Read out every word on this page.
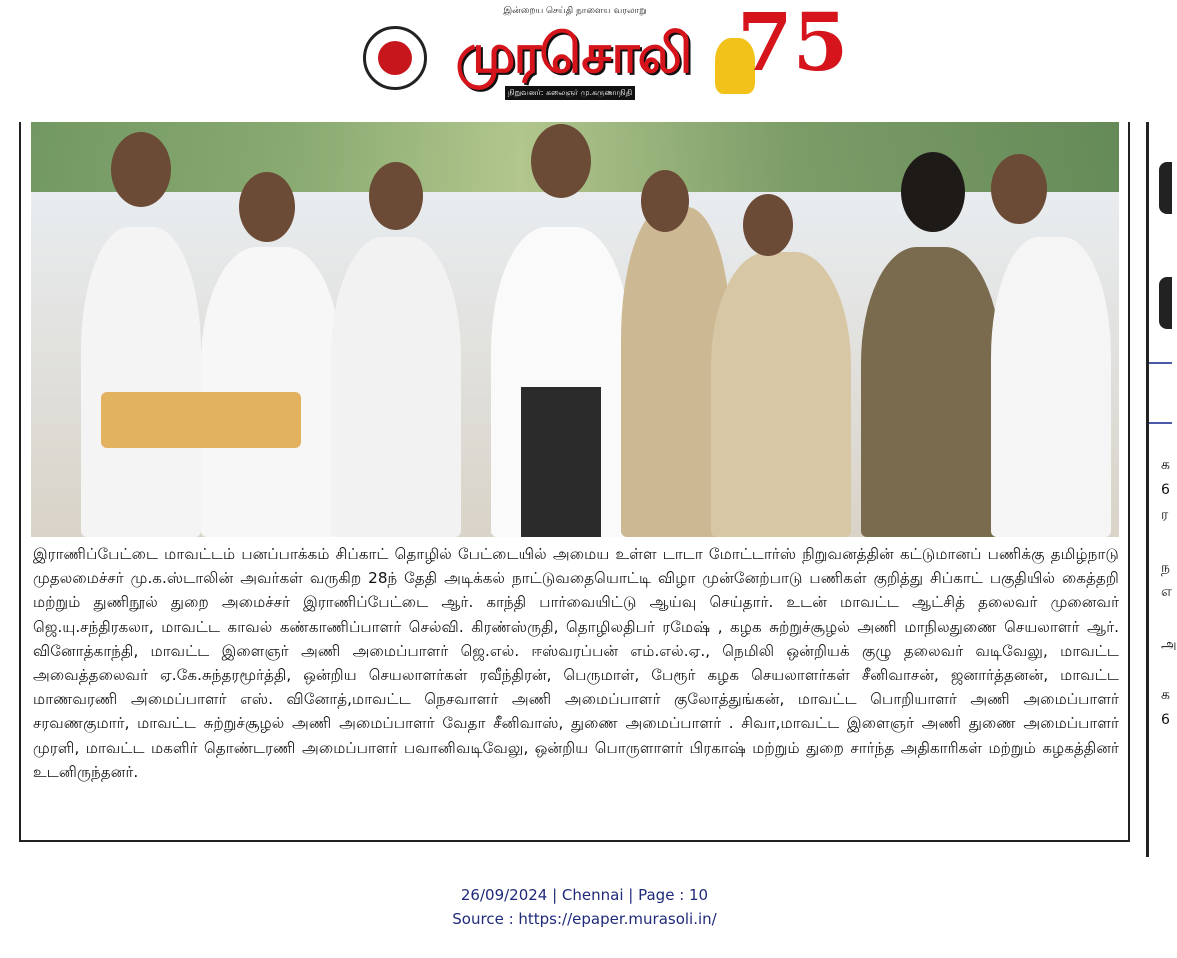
இன்றைய செய்தி நாளைய வரலாறு
முரசொலி
நிறுவனர்: கலைஞர் மு.கருணாநிதி
75
இராணிப்பேட்டை மாவட்டம் பனப்பாக்கம் சிப்காட் தொழில் பேட்டையில் அமைய உள்ள டாடா மோட்டார்ஸ் நிறுவனத்தின் கட்டுமானப் பணிக்கு தமிழ்நாடு முதலமைச்சர் மு.க.ஸ்டாலின் அவர்கள் வருகிற 28ந் தேதி அடிக்கல் நாட்டுவதையொட்டி விழா முன்னேற்பாடு பணிகள் குறித்து சிப்காட் பகுதியில் கைத்தறி மற்றும் துணிநூல் துறை அமைச்சர் இராணிப்பேட்டை ஆர். காந்தி பார்வையிட்டு ஆய்வு செய்தார். உடன் மாவட்ட ஆட்சித் தலைவர் முனைவர் ஜெ.யு.சந்திரகலா, மாவட்ட காவல் கண்காணிப்பாளர் செல்வி. கிரண்ஸ்ருதி, தொழிலதிபர் ரமேஷ் , கழக சுற்றுச்சூழல் அணி மாநிலதுணை செயலாளர் ஆர். வினோத்காந்தி, மாவட்ட இளைஞர் அணி அமைப்பாளர் ஜெ.எல். ஈஸ்வரப்பன் எம்.எல்.ஏ., நெமிலி ஒன்றியக் குழு தலைவர் வடிவேலு, மாவட்ட அவைத்தலைவர் ஏ.கே.சுந்தரமூர்த்தி, ஒன்றிய செயலாளர்கள் ரவீந்திரன், பெருமாள், பேரூர் கழக செயலாளர்கள் சீனிவாசன், ஜனார்த்தனன், மாவட்ட மாணவரணி அமைப்பாளர் எஸ். வினோத்,மாவட்ட நெசவாளர் அணி அமைப்பாளர் குலோத்துங்கன், மாவட்ட பொறியாளர் அணி அமைப்பாளர் சரவணகுமார், மாவட்ட சுற்றுச்சூழல் அணி அமைப்பாளர் வேதா சீனிவாஸ், துணை அமைப்பாளர் . சிவா,மாவட்ட இளைஞர் அணி துணை அமைப்பாளர் முரளி, மாவட்ட மகளிர் தொண்டரணி அமைப்பாளர் பவானிவடிவேலு, ஒன்றிய பொருளாளர் பிரகாஷ் மற்றும் துறை சார்ந்த அதிகாரிகள் மற்றும் கழகத்தினர் உடனிருந்தனர்.
க
6
ர
ந
எ
அ
க
6
26/09/2024 | Chennai | Page : 10
Source : https://epaper.murasoli.in/
